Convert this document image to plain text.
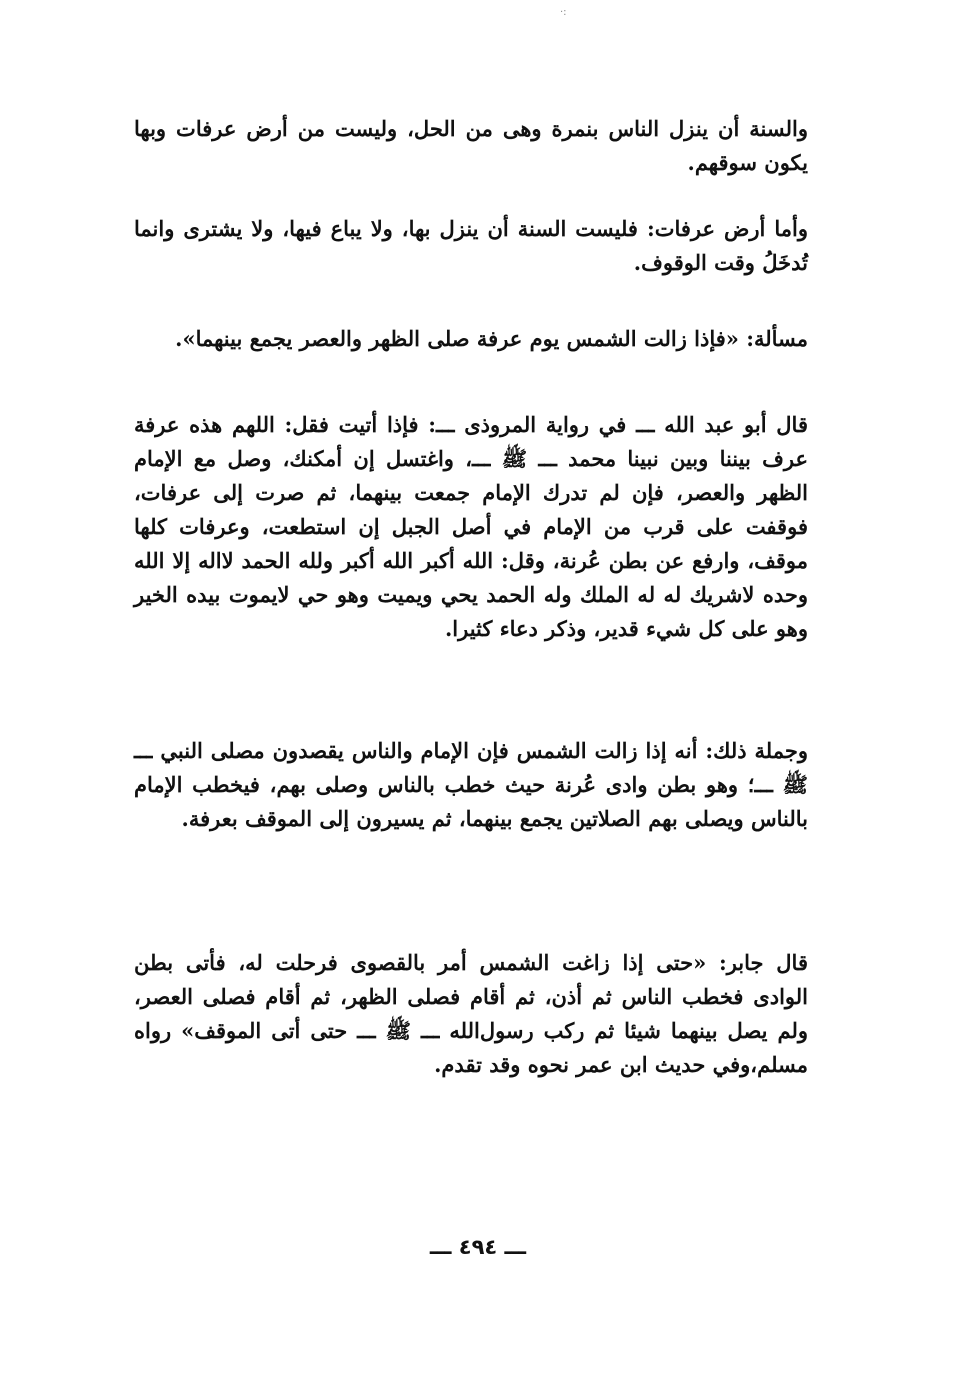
·:
والسنة أن ينزل الناس بنمرة وهى من الحل، وليست من أرض عرفات وبها يكون سوقهم.
وأما أرض عرفات: فليست السنة أن ينزل بها، ولا يباع فيها، ولا يشترى وانما تُدخَلُ وقت الوقوف.
مسألة: «فإذا زالت الشمس يوم عرفة صلى الظهر والعصر يجمع بينهما».
قال أبو عبد الله ـــ في رواية المروذى ـــ: فإذا أتيت فقل: اللهم هذه عرفة عرف بيننا وبين نبينا محمد ـــ ﷺ ـــ، واغتسل إن أمكنك، وصل مع الإمام الظهر والعصر، فإن لم تدرك الإمام جمعت بينهما، ثم صرت إلى عرفات، فوقفت على قرب من الإمام في أصل الجبل إن استطعت، وعرفات كلها موقف، وارفع عن بطن عُرنة، وقل: الله أكبر الله أكبر ولله الحمد لااله إلا الله وحده لاشريك له له الملك وله الحمد يحي ويميت وهو حي لايموت بيده الخير وهو على كل شيء قدير، وذكر دعاء كثيرا.
وجملة ذلك: أنه إذا زالت الشمس فإن الإمام والناس يقصدون مصلى النبي ـــ ﷺ ـــ؛ وهو بطن وادى عُرنة حيث خطب بالناس وصلى بهم، فيخطب الإمام بالناس ويصلى بهم الصلاتين يجمع بينهما، ثم يسيرون إلى الموقف بعرفة.
قال جابر: «حتى إذا زاغت الشمس أمر بالقصوى فرحلت له، فأتى بطن الوادى فخطب الناس ثم أذن، ثم أقام فصلى الظهر، ثم أقام فصلى العصر، ولم يصل بينهما شيئا ثم ركب رسول‌الله ـــ ﷺ ـــ حتى أتى الموقف» رواه مسلم،وفي حديث ابن عمر نحوه وقد تقدم.
ـــ ٤٩٤ ـــ
